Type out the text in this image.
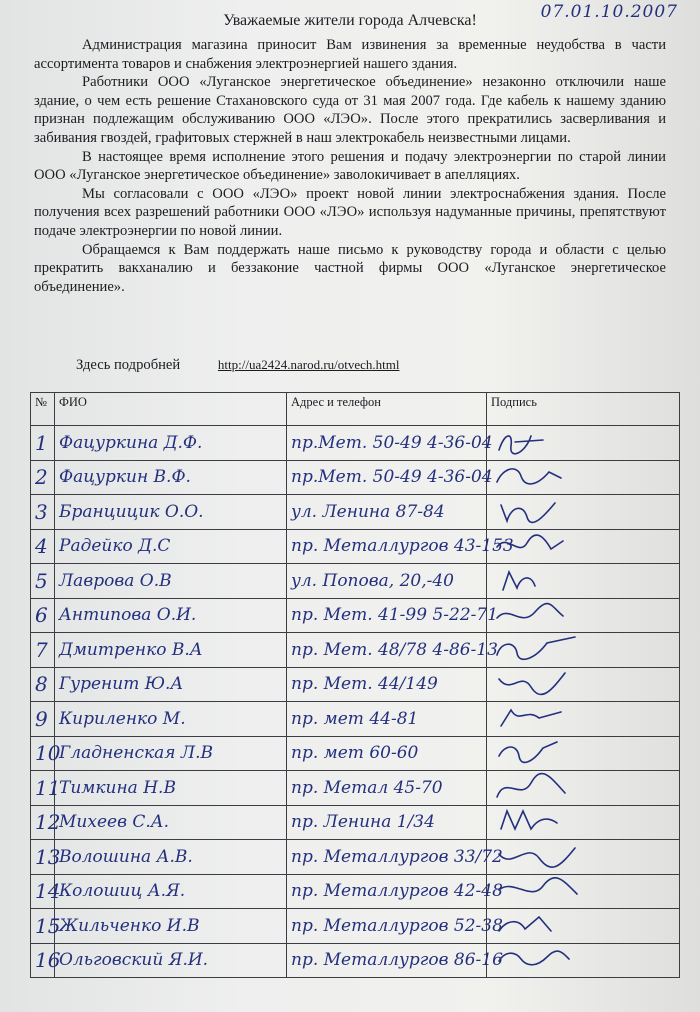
07.01.10.2007
Уважаемые жители города Алчевска!

Администрация магазина приносит Вам извинения за временные неудобства в части ассортимента товаров и снабжения электроэнергией нашего здания.

Работники ООО «Луганское энергетическое объединение» незаконно отключили наше здание, о чем есть решение Стахановского суда от 31 мая 2007 года. Где кабель к нашему зданию признан подлежащим обслуживанию ООО «ЛЭО». После этого прекратились засверливания и забивания гвоздей, графитовых стержней в наш электрокабель неизвестными лицами.

В настоящее время исполнение этого решения и подачу электроэнергии по старой линии ООО «Луганское энергетическое объединение» заволокичивает в апелляциях.

Мы согласовали с ООО «ЛЭО» проект новой линии электроснабжения здания. После получения всех разрешений работники ООО «ЛЭО» используя надуманные причины, препятствуют подаче электроэнергии по новой линии.

Обращаемся к Вам поддержать наше письмо к руководству города и области с целью прекратить вакханалию и беззаконие частной фирмы ООО «Луганское энергетическое объединение».

Здесь подробней	http://ua2424.narod.ru/otvech.html
№	ФИО	Адрес и телефон	Подпись
1	Фацуркина Д.Ф.	пр.Мет. 50-49 4-36-04	

2	Фацуркин В.Ф.	пр.Мет. 50-49 4-36-04	

3	Бранцицик О.О.	ул. Ленина 87-84	

4	Радейко Д.С	пр. Металлургов 43-153	

5	Лаврова О.В	ул. Попова, 20,-40	

6	Антипова О.И.	пр. Мет. 41-99 5-22-71	

7	Дмитренко В.А	пр. Мет. 48/78 4-86-13	

8	Гуренит Ю.А	пр. Мет. 44/149	

9	Кириленко М.	пр. мет 44-81	

10	Гладненская Л.В	пр. мет 60-60	

11	Тимкина Н.В	пр. Метал 45-70	

12	Михеев С.А.	пр. Ленина 1/34	

13	Волошина А.В.	пр. Металлургов 33/72	

14	Колошиц А.Я.	пр. Металлургов 42-48	

15	Жильченко И.В	пр. Металлургов 52-38	

16	Ольговский Я.И.	пр. Металлургов 86-16	
